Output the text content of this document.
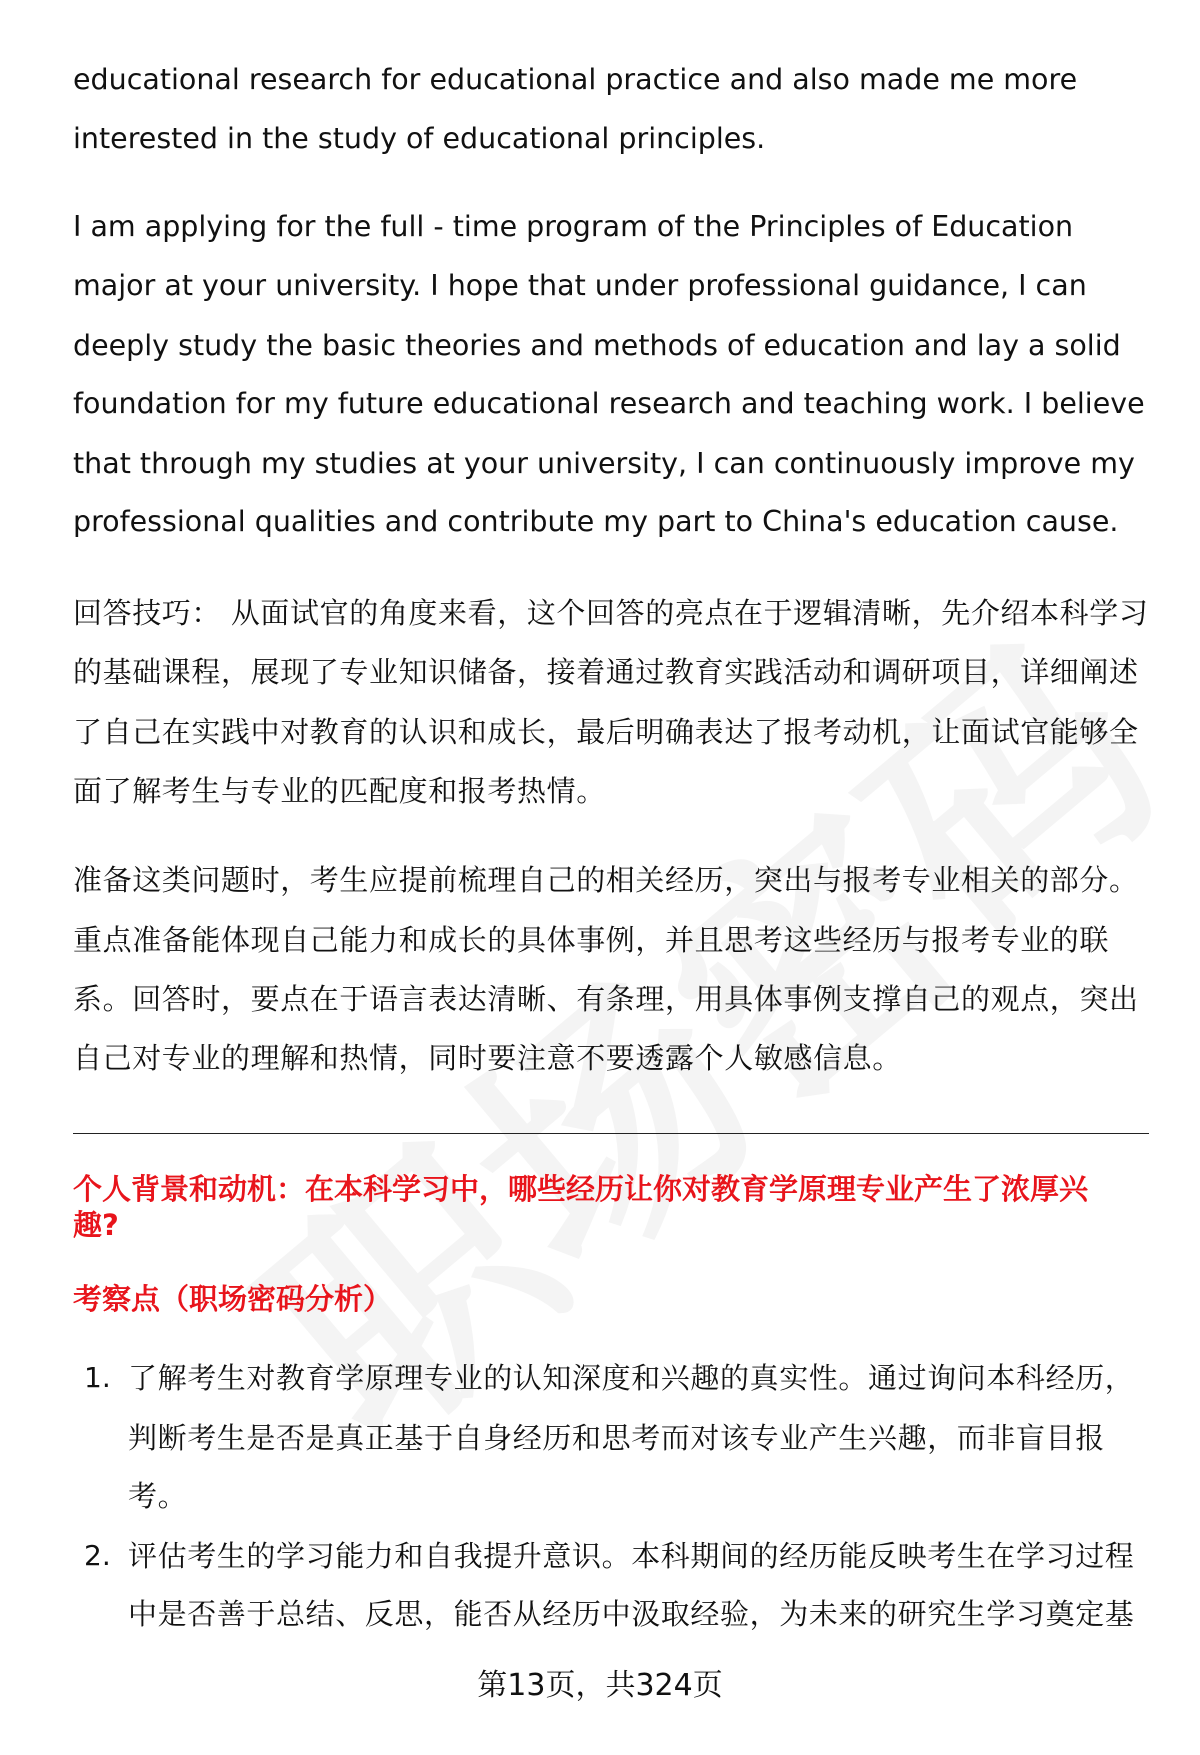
educational research for educational practice and also made me more
interested in the study of educational principles.
I am applying for the full - time program of the Principles of Education
major at your university. I hope that under professional guidance, I can
deeply study the basic theories and methods of education and lay a solid
foundation for my future educational research and teaching work. I believe
that through my studies at your university, I can continuously improve my
professional qualities and contribute my part to China's education cause.
回答技巧： 从面试官的角度来看，这个回答的亮点在于逻辑清晰，先介绍本科学习
的基础课程，展现了专业知识储备，接着通过教育实践活动和调研项目，详细阐述
了自己在实践中对教育的认识和成长，最后明确表达了报考动机，让面试官能够全
面了解考生与专业的匹配度和报考热情。
准备这类问题时，考生应提前梳理自己的相关经历，突出与报考专业相关的部分。
重点准备能体现自己能力和成长的具体事例，并且思考这些经历与报考专业的联
系。回答时，要点在于语言表达清晰、有条理，用具体事例支撑自己的观点，突出
自己对专业的理解和热情，同时要注意不要透露个人敏感信息。
个人背景和动机：在本科学习中，哪些经历让你对教育学原理专业产生了浓厚兴
趣?
考察点（职场密码分析）
1. 了解考生对教育学原理专业的认知深度和兴趣的真实性。通过询问本科经历，
判断考生是否是真正基于自身经历和思考而对该专业产生兴趣，而非盲目报
考。
2. 评估考生的学习能力和自我提升意识。本科期间的经历能反映考生在学习过程
中是否善于总结、反思，能否从经历中汲取经验，为未来的研究生学习奠定基
第13页，共324页
